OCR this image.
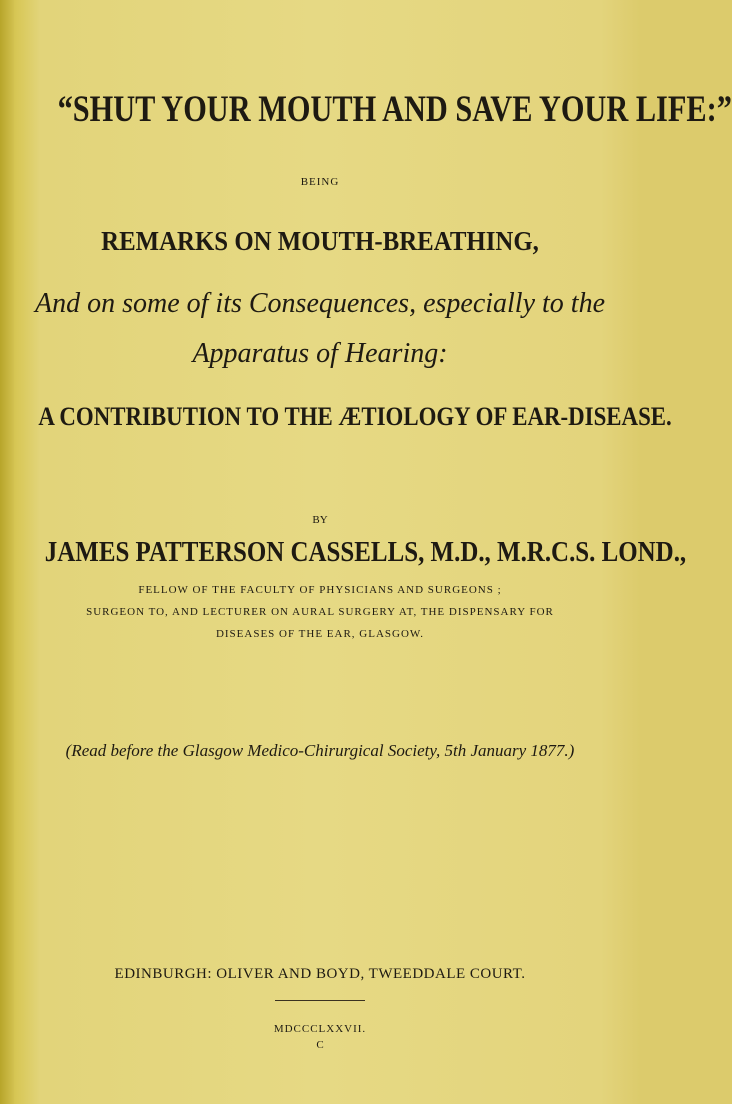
“SHUT YOUR MOUTH AND SAVE YOUR LIFE:”
BEING
REMARKS ON MOUTH-BREATHING,
And on some of its Consequences, especially to the
Apparatus of Hearing:
A CONTRIBUTION TO THE ÆTIOLOGY OF EAR-DISEASE.
BY
JAMES PATTERSON CASSELLS, M.D., M.R.C.S. LOND.,
FELLOW OF THE FACULTY OF PHYSICIANS AND SURGEONS ;
SURGEON TO, AND LECTURER ON AURAL SURGERY AT, THE DISPENSARY FOR
DISEASES OF THE EAR, GLASGOW.
(Read before the Glasgow Medico-Chirurgical Society, 5th January 1877.)
EDINBURGH: OLIVER AND BOYD, TWEEDDALE COURT.
MDCCCLXXVII.
C
